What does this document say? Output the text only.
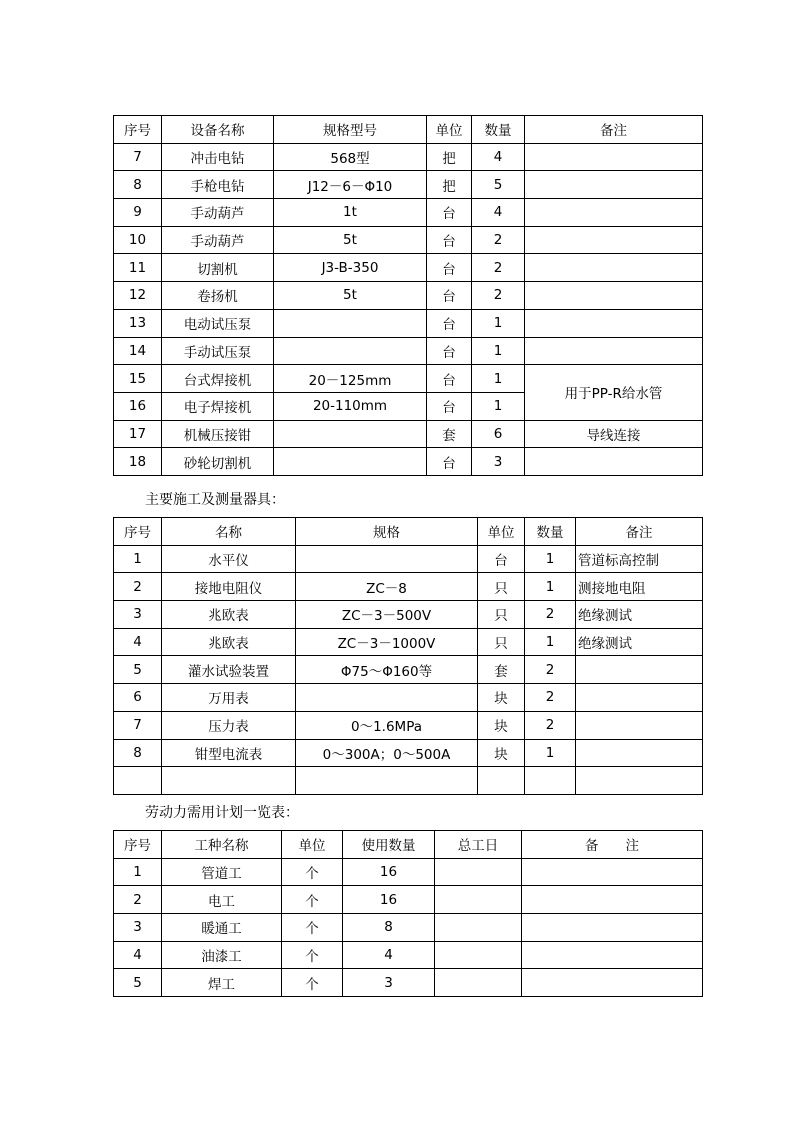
序号	设备名称	规格型号	单位	数量	备注
7	冲击电钻	568型	把	4	
8	手枪电钻	J12－6－Φ10	把	5	
9	手动葫芦	1t	台	4	
10	手动葫芦	5t	台	2	
11	切割机	J3-B-350	台	2	
12	卷扬机	5t	台	2	
13	电动试压泵		台	1	
14	手动试压泵		台	1	
15	台式焊接机	20－125mm	台	1	用于PP-R给水管
16	电子焊接机	20-110mm	台	1	
17	机械压接钳		套	6	导线连接
18	砂轮切割机		台	3	
主要施工及测量器具：
序号	名称	规格	单位	数量	备注
1	水平仪		台	1	管道标高控制
2	接地电阻仪	ZC－8	只	1	测接地电阻
3	兆欧表	ZC－3－500V	只	2	绝缘测试
4	兆欧表	ZC－3－1000V	只	1	绝缘测试
5	灌水试验装置	Φ75～Φ160等	套	2	
6	万用表		块	2	
7	压力表	0～1.6MPa	块	2	
8	钳型电流表	0～300A；0～500A	块	1	

劳动力需用计划一览表：
序号	工种名称	单位	使用数量	总工日	备　　注
1	管道工	个	16		
2	电工	个	16		
3	暖通工	个	8		
4	油漆工	个	4		
5	焊工	个	3		
